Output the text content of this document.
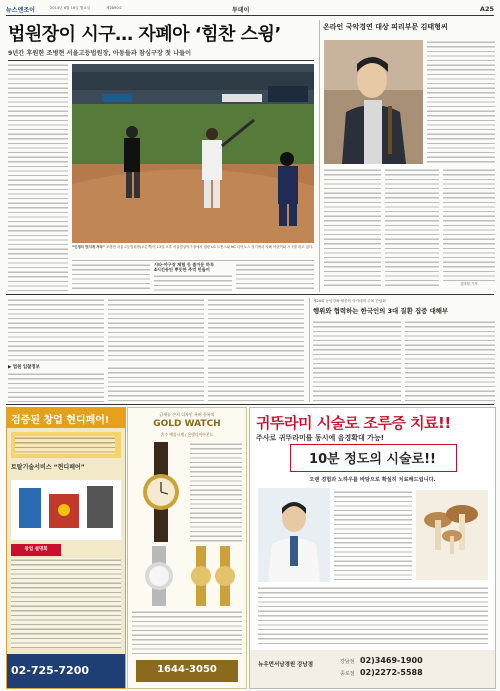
뉴스엔조이	2014년 6월 16일 월요일	제2890호	투데이	A25
법원장이 시구… 자폐아 ‘힘찬 스윙’
9년간 후원한 조병현 서울고등법원장, 아동들과 참심구장 첫 나들이
“인생의 멋지게 처라” 조병현 서울고등법원장(오른쪽)이 13일 오후 서울잠실야구장에서 열린 LG 트윈스와 NC 다이노스 경기에서 자폐 어린이와 시구를 하고 있다.
시타·야구장 체험 등 즐거운 하루
4시간동안 뿌듯한 추억 만들어
온라인 국악경연 대상 피리부문 김태형씨
김태형 기자
▶ 법원 입찰정보
제20회 동양강좌·세종의 아카데미 주최 간담회
행위와 협력하는 한국인의 3대 질환 집중 대해부
검증된 창업 현디페어!
토탈기술서비스 “현디페어”
창업 설명회
02-725-7200
금세공 손지 디자인 특허 등록의
GOLD WATCH
혼수 예물시계 / 은빛다이아몬드
1644-3050
귀뚜라미 시술로 조루증 치료!!
주사로 귀뚜라미를 동시에 음경확대 가능!
10분 정도의 시술로!!
오랜 경험과 노하우를 바탕으로 확실히 치료해드립니다.
뉴우먼서남경원 강남점	강남점 02)3469-1900
종로점 02)2272-5588
